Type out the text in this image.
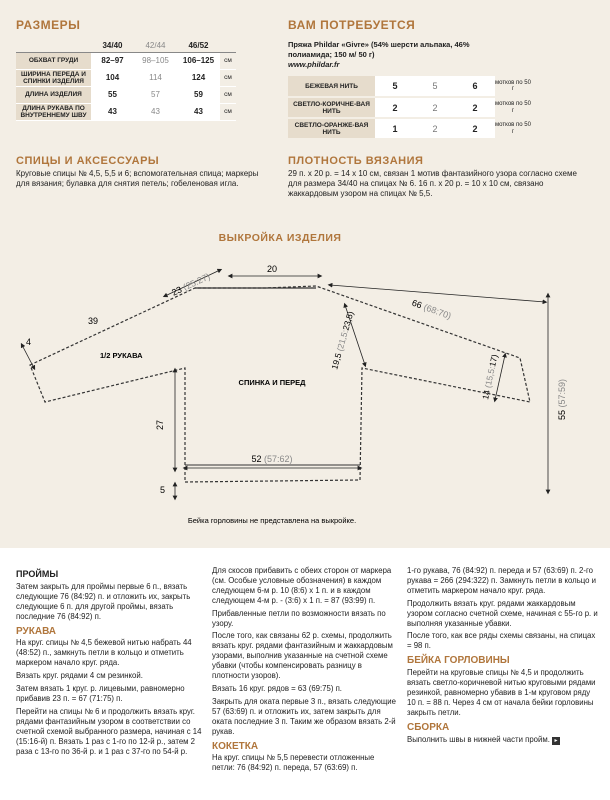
РАЗМЕРЫ
	34/40	42/44	46/52	
ОБХВАТ ГРУДИ	82–97	98–105	106–125	см
ШИРИНА ПЕРЕДА И СПИНКИ ИЗДЕЛИЯ	104	114	124	см
ДЛИНА ИЗДЕЛИЯ	55	57	59	см
ДЛИНА РУКАВА ПО ВНУТРЕННЕМУ ШВУ	43	43	43	см
ВАМ ПОТРЕБУЕТСЯ
Пряжа Phildar «Givre» (54% шерсти альпака, 46%
полиамида; 150 м/ 50 г)
www.phildar.fr
БЕЖЕВАЯ НИТЬ	5	5	6	мотков по 50 г
СВЕТЛО-КОРИЧНЕ-ВАЯ НИТЬ	2	2	2	мотков по 50 г
СВЕТЛО-ОРАНЖЕ-ВАЯ НИТЬ	1	2	2	мотков по 50 г
СПИЦЫ И АКСЕССУАРЫ
Круговые спицы № 4,5, 5,5 и 6; вспомогательная спица; маркеры для вязания; булавка для снятия петель; гобеленовая игла.
ПЛОТНОСТЬ ВЯЗАНИЯ
29 п. х 20 р. = 14 х 10 см, связан 1 мотив фантазийного узора согласно схеме для размера 34/40 на спицах № 6. 16 п. х 20 р. = 10 х 10 см, связано жаккардовым узором на спицах № 5,5.
ВЫКРОЙКА ИЗДЕЛИЯ
20
23 (25:27)
39
4
1/2 РУКАВА
СПИНКА И ПЕРЕД
27
52 (57:62)
5
19,5 (21,5:23,5)
66 (68:70)
14 (15,5:17)
55 (57:59)
Бейка горловины не представлена на выкройке.
ПРОЙМЫ

Затем закрыть для проймы первые 6 п., вязать следующие 76 (84:92) п. и отложить их, закрыть следующие 6 п. для другой проймы, вязать последние 76 (84:92) п.

РУКАВА

На круг. спицы № 4,5 бежевой нитью набрать 44 (48:52) п., замкнуть петли в кольцо и отметить маркером начало круг. ряда.

Вязать круг. рядами 4 см резинкой.

Затем вязать 1 круг. р. лицевыми, равномерно прибавив 23 п. = 67 (71:75) п.

Перейти на спицы № 6 и продолжить вязать круг. рядами фантазийным узором в соответствии со счетной схемой выбранного размера, начиная с 14 (15:16-й) п. Вязать 1 раз с 1-го по 12-й р., затем 2 раза с 13-го по 36-й р. и 1 раз с 37-го по 54-й р.

Для скосов прибавить с обеих сторон от маркера (см. Особые условные обозначения) в каждом следующем 6-м р. 10 (8:6) х 1 п. и в каждом следующем 4-м р. - (3:6) х 1 п. = 87 (93:99) п.

Прибавленные петли по возможности вязать по узору.

После того, как связаны 62 р. схемы, продолжить вязать круг. рядами фантазийным и жаккардовым узорами, выполнив указанные на счетной схеме убавки (чтобы компенсировать разницу в плотности узоров).

Вязать 16 круг. рядов = 63 (69:75) п.

Закрыть для оката первые 3 п., вязать следующие 57 (63:69) п. и отложить их, затем закрыть для оката последние 3 п. Таким же образом вязать 2-й рукав.

КОКЕТКА

На круг. спицы № 5,5 перевести отложенные петли: 76 (84:92) п. переда, 57 (63:69) п.

1-го рукава, 76 (84:92) п. переда и 57 (63:69) п. 2-го рукава = 266 (294:322) п. Замкнуть петли в кольцо и отметить маркером начало круг. ряда.

Продолжить вязать круг. рядами жаккардовым узором согласно счетной схеме, начиная с 55-го р. и выполняя указанные убавки.

После того, как все ряды схемы связаны, на спицах = 98 п.

БЕЙКА ГОРЛОВИНЫ

Перейти на круговые спицы № 4,5 и продолжить вязать светло-коричневой нитью круговыми рядами резинкой, равномерно убавив в 1-м круговом ряду 10 п. = 88 п. Через 4 см от начала бейки горловины закрыть петли.

СБОРКА

Выполнить швы в нижней части пройм. ▸
